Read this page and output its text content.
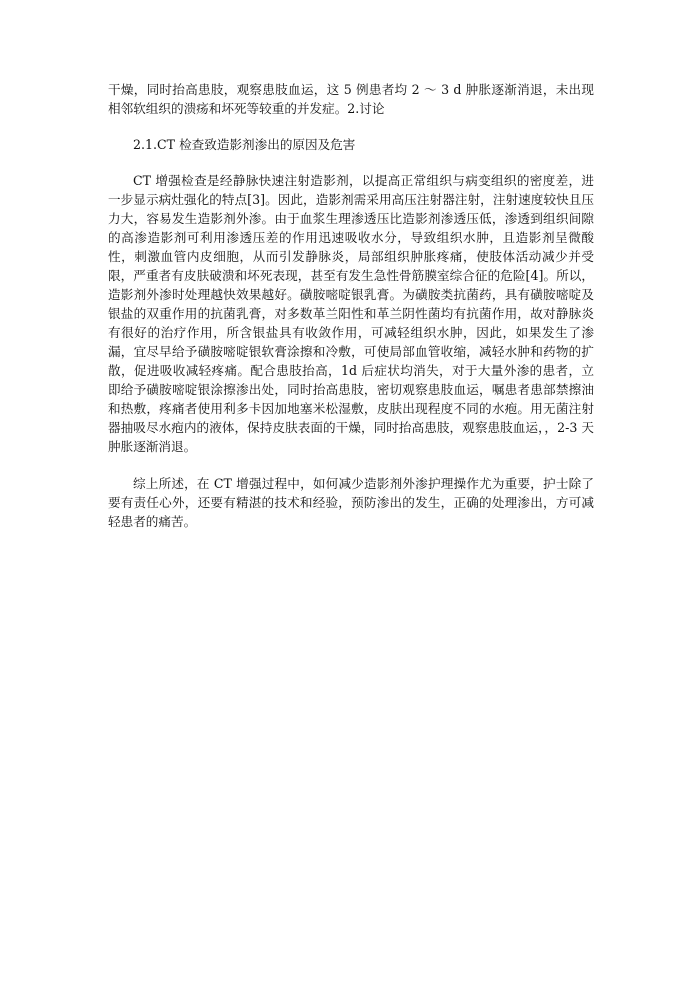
干燥，同时抬高患肢，观察患肢血运，这 5 例患者均 2 ～ 3 d 肿胀逐渐消退，未出现相邻软组织的溃疡和坏死等较重的并发症。2.讨论

2.1.CT 检查致造影剂渗出的原因及危害

CT 增强检查是经静脉快速注射造影剂，以提高正常组织与病变组织的密度差，进一步显示病灶强化的特点[3]。因此，造影剂需采用高压注射器注射，注射速度较快且压力大，容易发生造影剂外渗。由于血浆生理渗透压比造影剂渗透压低，渗透到组织间隙的高渗造影剂可利用渗透压差的作用迅速吸收水分，导致组织水肿，且造影剂呈微酸性，刺激血管内皮细胞，从而引发静脉炎，局部组织肿胀疼痛，使肢体活动减少并受限，严重者有皮肤破溃和坏死表现，甚至有发生急性骨筋膜室综合征的危险[4]。所以，造影剂外渗时处理越快效果越好。磺胺嘧啶银乳膏。为磺胺类抗菌药，具有磺胺嘧啶及银盐的双重作用的抗菌乳膏，对多数革兰阳性和革兰阴性菌均有抗菌作用，故对静脉炎有很好的治疗作用，所含银盐具有收敛作用，可减轻组织水肿，因此，如果发生了渗漏，宜尽早给予磺胺嘧啶银软膏涂擦和冷敷，可使局部血管收缩，减轻水肿和药物的扩散，促进吸收减轻疼痛。配合患肢抬高，1d 后症状均消失，对于大量外渗的患者，立即给予磺胺嘧啶银涂擦渗出处，同时抬高患肢，密切观察患肢血运，嘱患者患部禁擦油和热敷，疼痛者使用利多卡因加地塞米松湿敷，皮肤出现程度不同的水疱。用无菌注射器抽吸尽水疱内的液体，保持皮肤表面的干燥，同时抬高患肢，观察患肢血运，，2-3 天 肿胀逐渐消退。

综上所述，在 CT 增强过程中，如何减少造影剂外渗护理操作尤为重要，护士除了要有责任心外，还要有精湛的技术和经验，预防渗出的发生，正确的处理渗出，方可减轻患者的痛苦。
